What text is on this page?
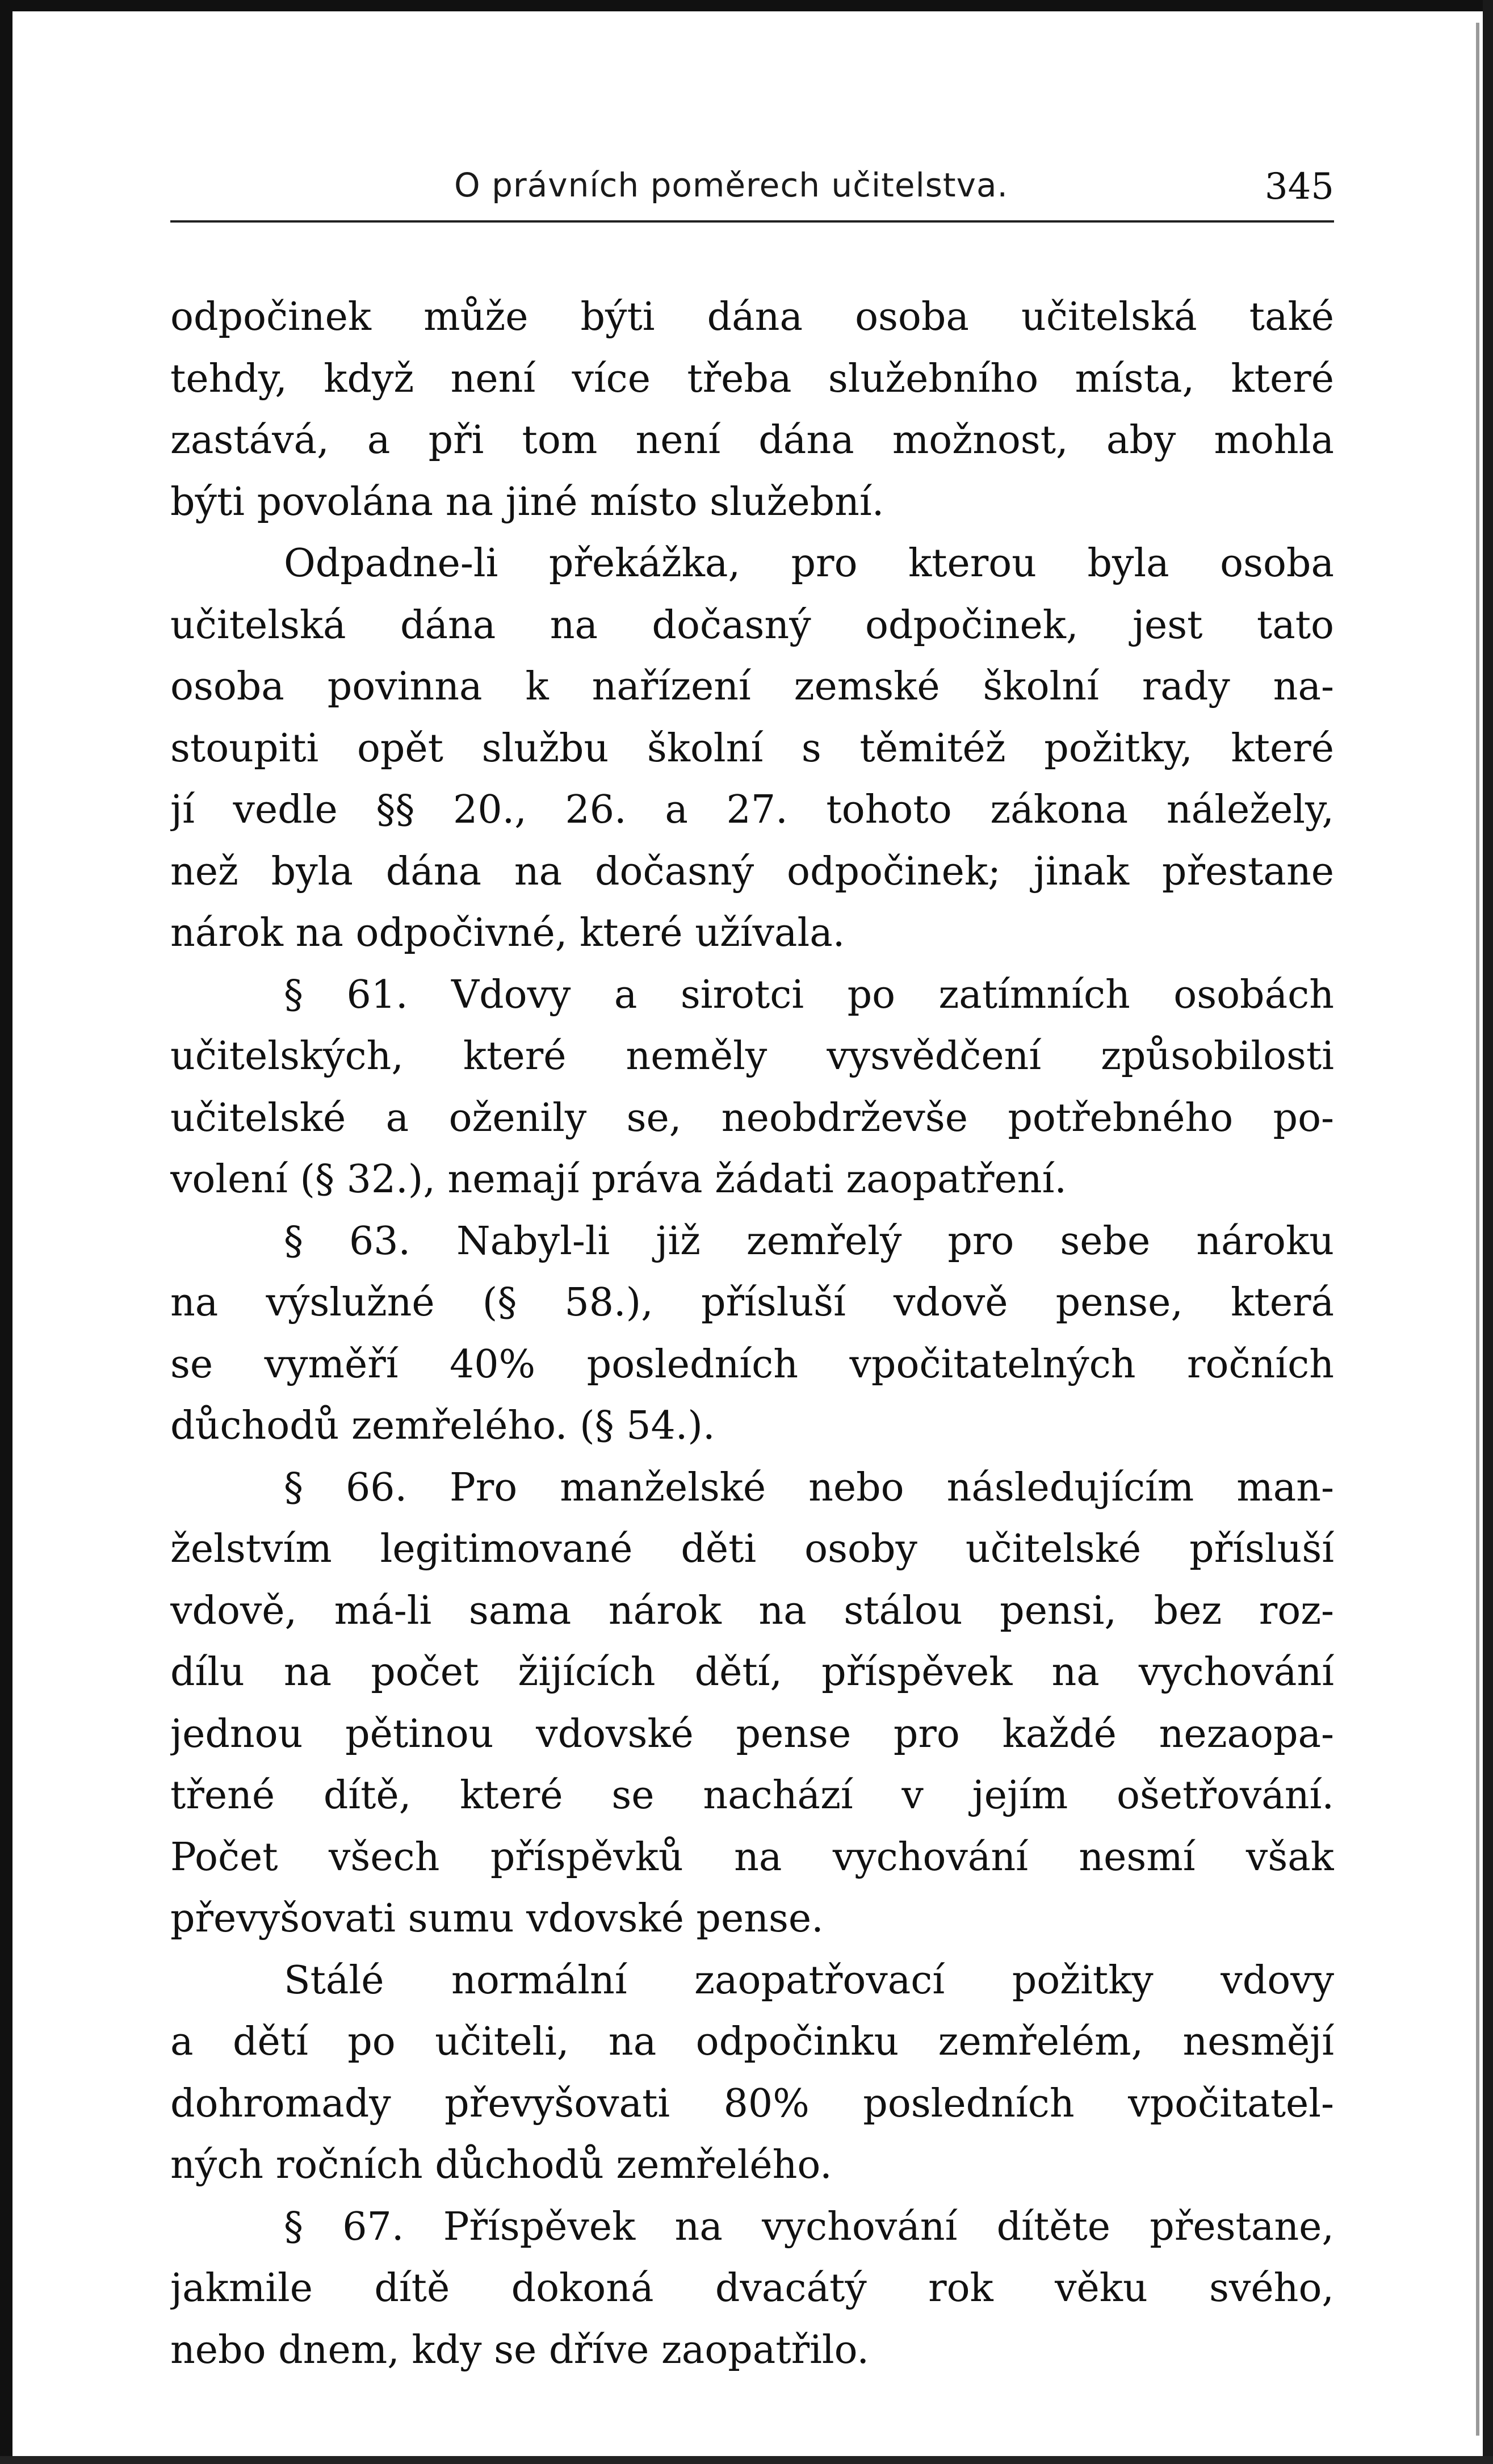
O právních poměrech učitelstva.	345
odpočinek může býti dána osoba učitelská také
tehdy, když není více třeba služebního místa, které
zastává, a při tom není dána možnost, aby mohla
býti povolána na jiné místo služební.
Odpadne-li překážka, pro kterou byla osoba
učitelská dána na dočasný odpočinek, jest tato
osoba povinna k nařízení zemské školní rady na-
stoupiti opět službu školní s těmitéž požitky, které
jí vedle §§ 20., 26. a 27. tohoto zákona náležely,
než byla dána na dočasný odpočinek; jinak přestane
nárok na odpočivné, které užívala.
§ 61. Vdovy a sirotci po zatímních osobách
učitelských, které neměly vysvědčení způsobilosti
učitelské a oženily se, neobdrževše potřebného po-
volení (§ 32.), nemají práva žádati zaopatření.
§ 63. Nabyl-li již zemřelý pro sebe nároku
na výslužné (§ 58.), přísluší vdově pense, která
se vyměří 40% posledních vpočitatelných ročních
důchodů zemřelého. (§ 54.).
§ 66. Pro manželské nebo následujícím man-
želstvím legitimované děti osoby učitelské přísluší
vdově, má-li sama nárok na stálou pensi, bez roz-
dílu na počet žijících dětí, příspěvek na vychování
jednou pětinou vdovské pense pro každé nezaopa-
třené dítě, které se nachází v jejím ošetřování.
Počet všech příspěvků na vychování nesmí však
převyšovati sumu vdovské pense.
Stálé normální zaopatřovací požitky vdovy
a dětí po učiteli, na odpočinku zemřelém, nesmějí
dohromady převyšovati 80% posledních vpočitatel-
ných ročních důchodů zemřelého.
§ 67. Příspěvek na vychování dítěte přestane,
jakmile dítě dokoná dvacátý rok věku svého,
nebo dnem, kdy se dříve zaopatřilo.
